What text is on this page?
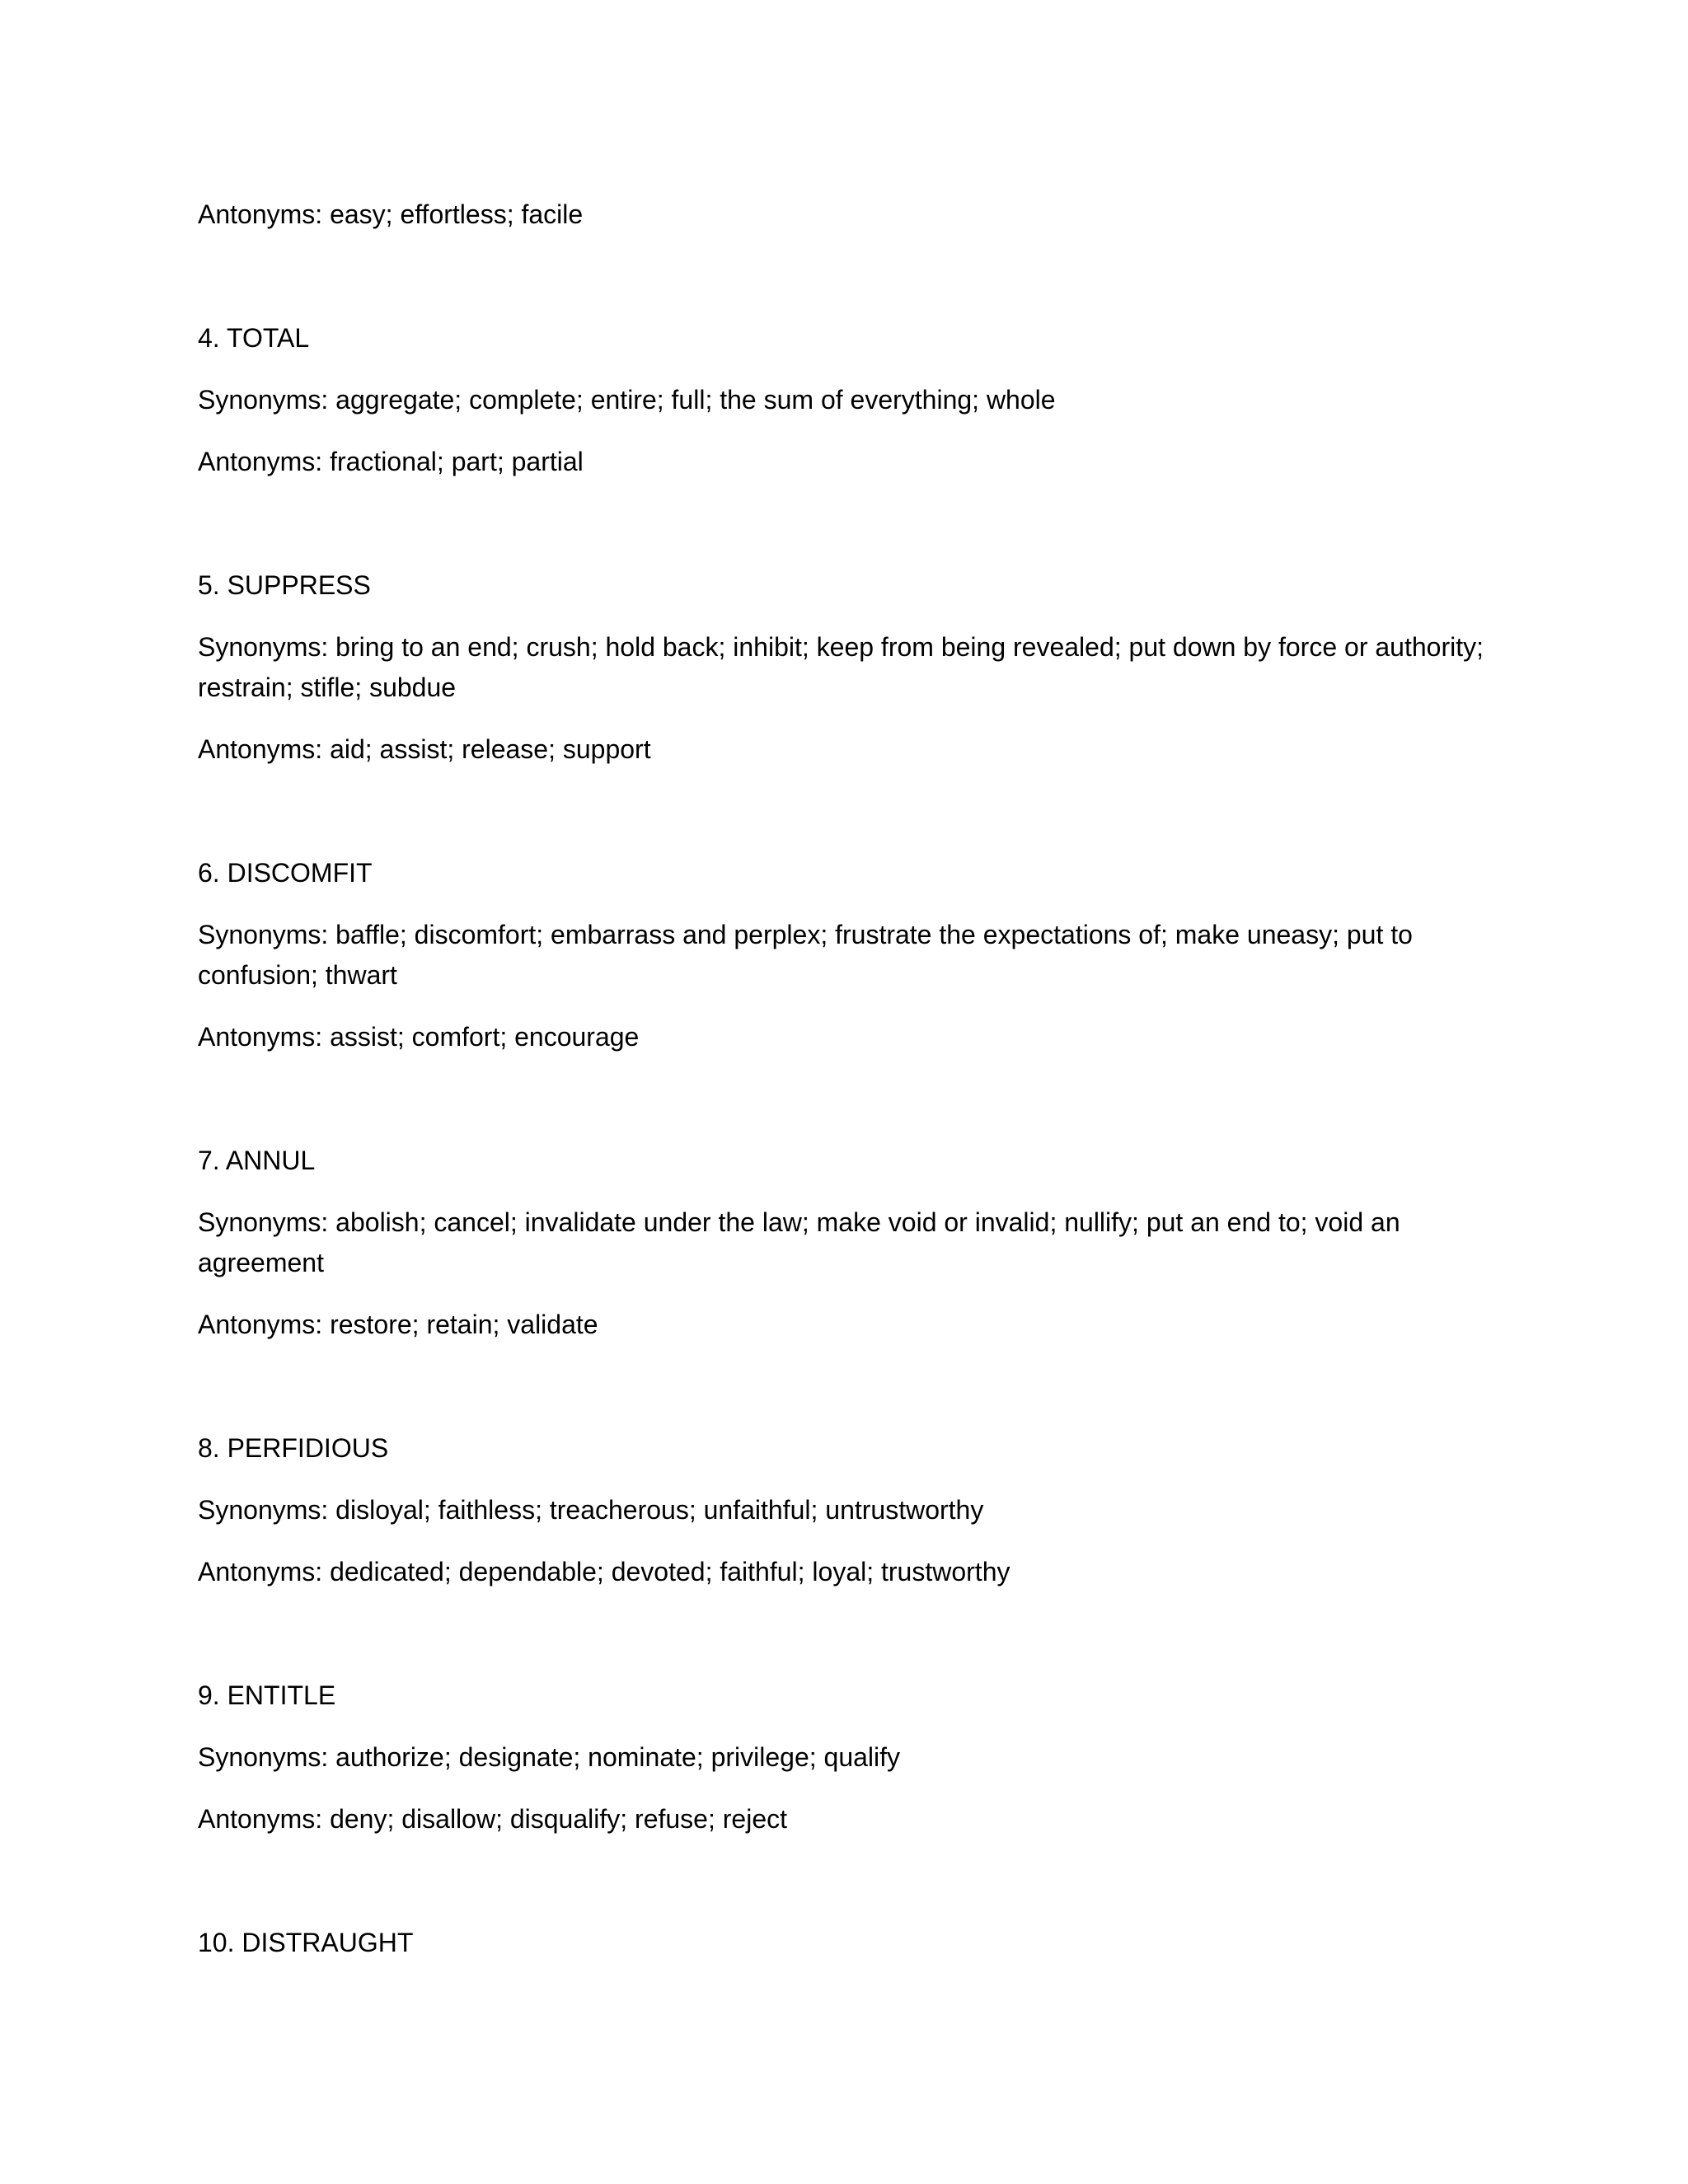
Antonyms: easy; effortless; facile
4. TOTAL
Synonyms: aggregate; complete; entire; full; the sum of everything; whole
Antonyms: fractional; part; partial
5. SUPPRESS
Synonyms: bring to an end; crush; hold back; inhibit; keep from being revealed; put down by force or authority; restrain; stifle; subdue
Antonyms: aid; assist; release; support
6. DISCOMFIT
Synonyms: baffle; discomfort; embarrass and perplex; frustrate the expectations of; make uneasy; put to confusion; thwart
Antonyms: assist; comfort; encourage
7. ANNUL
Synonyms: abolish; cancel; invalidate under the law; make void or invalid; nullify; put an end to; void an agreement
Antonyms: restore; retain; validate
8. PERFIDIOUS
Synonyms: disloyal; faithless; treacherous; unfaithful; untrustworthy
Antonyms: dedicated; dependable; devoted; faithful; loyal; trustworthy
9. ENTITLE
Synonyms: authorize; designate; nominate; privilege; qualify
Antonyms: deny; disallow; disqualify; refuse; reject
10. DISTRAUGHT
